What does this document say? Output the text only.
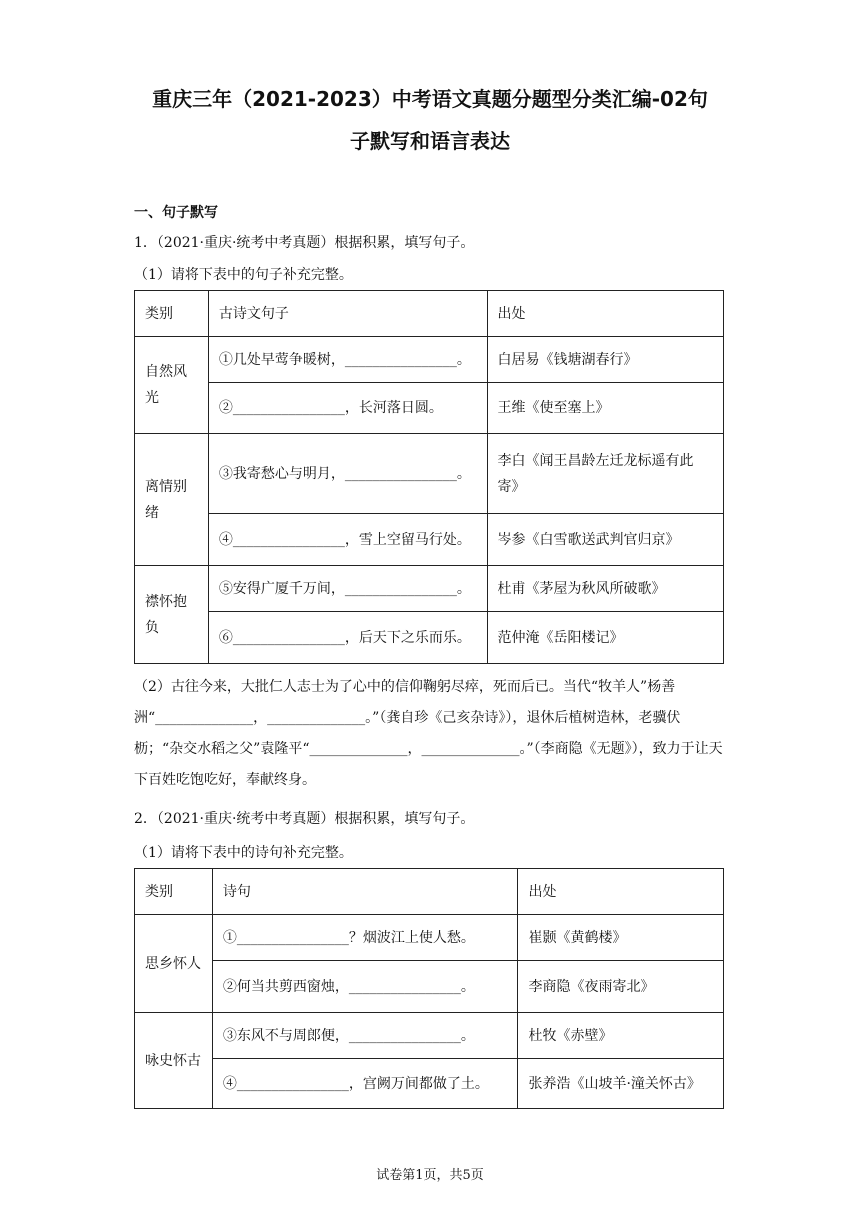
重庆三年（2021-2023）中考语文真题分题型分类汇编-02句
子默写和语言表达
一、句子默写
1．（2021·重庆·统考中考真题）根据积累，填写句子。
（1）请将下表中的句子补充完整。
类别	古诗文句子	出处
自然风光	①几处早莺争暖树，________________。	白居易《钱塘湖春行》
	②________________，长河落日圆。	王维《使至塞上》
离情别绪	③我寄愁心与明月，________________。	李白《闻王昌龄左迁龙标遥有此寄》
	④________________，雪上空留马行处。	岑参《白雪歌送武判官归京》
襟怀抱负	⑤安得广厦千万间，________________。	杜甫《茅屋为秋风所破歌》
	⑥________________，后天下之乐而乐。	范仲淹《岳阳楼记》
（2）古往今来，大批仁人志士为了心中的信仰鞠躬尽瘁，死而后已。当代“牧羊人”杨善洲“______________，______________。”（龚自珍《己亥杂诗》），退休后植树造林，老骥伏枥；“杂交水稻之父”袁隆平“______________，______________。”（李商隐《无题》），致力于让天下百姓吃饱吃好，奉献终身。
2．（2021·重庆·统考中考真题）根据积累，填写句子。
（1）请将下表中的诗句补充完整。
类别	诗句	出处
思乡怀人	①________________？烟波江上使人愁。	崔颢《黄鹤楼》
	②何当共剪西窗烛，________________。	李商隐《夜雨寄北》
咏史怀古	③东风不与周郎便，________________。	杜牧《赤壁》
	④________________，宫阙万间都做了土。	张养浩《山坡羊·潼关怀古》
试卷第1页，共5页
